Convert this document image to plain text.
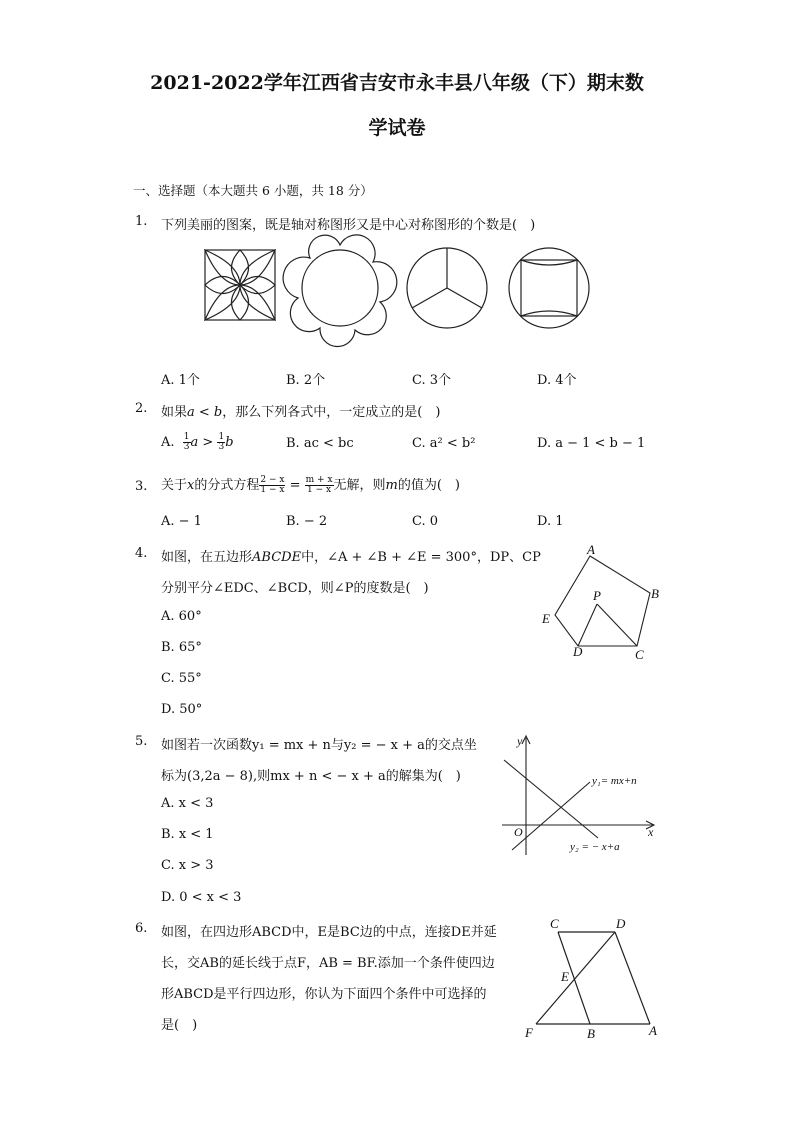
2021-2022学年江西省吉安市永丰县八年级（下）期末数
学试卷
一、选择题（本大题共 6 小题，共 18 分）
1. 下列美丽的图案，既是轴对称图形又是中心对称图形的个数是(　)
A. 1个	B. 2个	C. 3个	D. 4个
2. 如果a < b，那么下列各式中，一定成立的是(　)
A. $\frac{1}{3}$ $a > \frac{1}{3}$ b	B. ac < bc	C. a² < b²	D. a − 1 < b − 1
3. 关于x的分式方程 $\frac{2 - x}{1 - x} = \frac{m + x}{1 - x}$ 无解，则m的值为(　)
A. − 1	B. − 2	C. 0	D. 1
4. 如图，在五边形ABCDE中，∠A + ∠B + ∠E = 300°，DP、CP
分别平分∠EDC、∠BCD，则∠P的度数是(　)
A. 60°
B. 65°
C. 55°
D. 50°
A
B
C
D
E
P
5. 如图若一次函数y₁ = mx + n与y₂ = − x + a的交点坐
标为(3,2a − 8),则mx + n < − x + a的解集为(　)
A. x < 3
B. x < 1
C. x > 3
D. 0 < x < 3
y
x
O
y₁= mx+n
y₂ = − x+a
6. 如图，在四边形ABCD中，E是BC边的中点，连接DE并延
长，交AB的延长线于点F，AB = BF.添加一个条件使四边
形ABCD是平行四边形，你认为下面四个条件中可选择的
是(　)
C	D
E
F	B	A
